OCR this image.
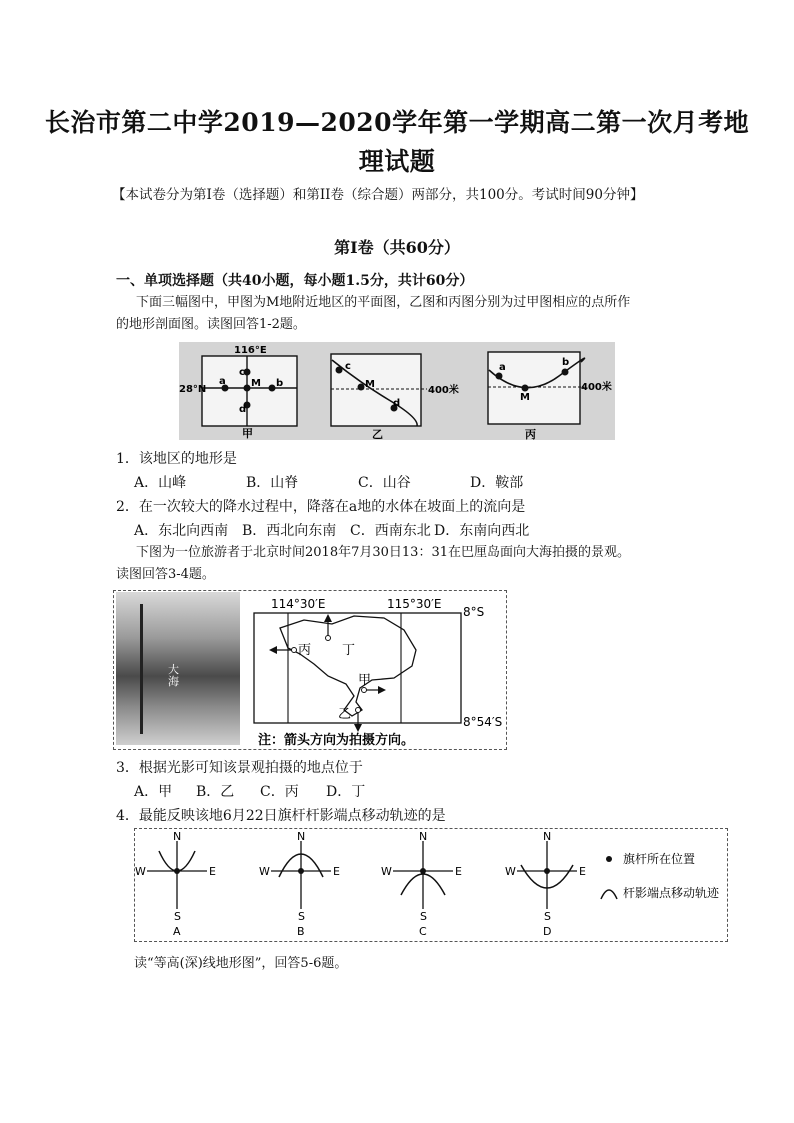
长治市第二中学2019—2020学年第一学期高二第一次月考地
理试题
【本试卷分为第I卷（选择题）和第II卷（综合题）两部分，共100分。考试时间90分钟】
第I卷（共60分）
一、单项选择题（共40小题，每小题1.5分，共计60分）
下面三幅图中，甲图为M地附近地区的平面图，乙图和丙图分别为过甲图相应的点所作
的地形剖面图。读图回答1-2题。
116°E
28°N
c
a	M b
d
甲
c
M
d
400米
乙
a
M
b
400米
丙
1．该地区的地形是
A．山峰	B．山脊	C．山谷	D．鞍部
2．在一次较大的降水过程中，降落在a地的水体在坡面上的流向是
A．东北向西南 B．西北向东南 C．西南东北 D．东南向西北
下图为一位旅游者于北京时间2018年7月30日13：31在巴厘岛面向大海拍摄的景观。
读图回答3-4题。
大海
114°30′E	115°30′E
8°S
8°54′S
丙 丁
甲
乙
注：箭头方向为拍摄方向。
3．根据光影可知该景观拍摄的地点位于
A．甲	B．乙	C．丙	D．丁
4．最能反映该地6月22日旗杆杆影端点移动轨迹的是
N
S
W	E
A
N
S
W	E
B
N
S
W	E
C
N
S
W	E
D
旗杆所在位置
杆影端点移动轨迹
读“等高(深)线地形图”，回答5-6题。
